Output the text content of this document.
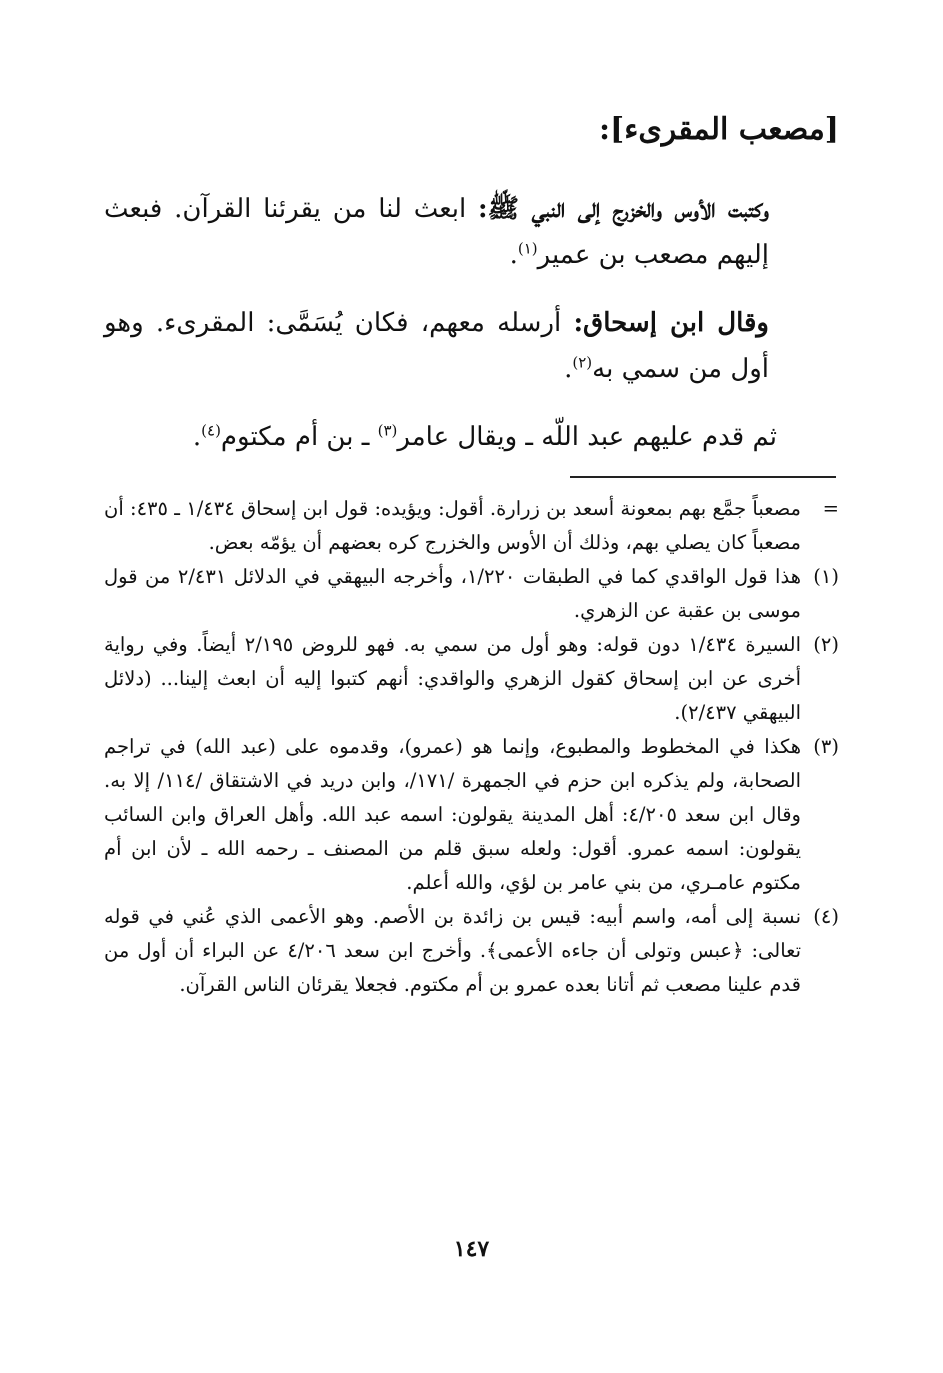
[مصعب المقرىء]:
وكتبت الأوس والخزرج إلى النبي ﷺ: ابعث لنا من يقرئنا القرآن. فبعث إليهم مصعب بن عمير$^{(١)}$.
وقال ابن إسحاق: أرسله معهم، فكان يُسَمَّى: المقرىء. وهو أول من سمي به$^{(٢)}$.
ثم قدم عليهم عبد اللّه ـ ويقال عامر$^{(٣)}$ ـ بن أم مكتوم$^{(٤)}$.
=
مصعباً جمَّع بهم بمعونة أسعد بن زرارة. أقول: ويؤيده: قول ابن إسحاق ١/٤٣٤ ـ ٤٣٥: أن مصعباً كان يصلي بهم، وذلك أن الأوس والخزرج كره بعضهم أن يؤمّه بعض.
(١)
هذا قول الواقدي كما في الطبقات ١/٢٢٠، وأخرجه البيهقي في الدلائل ٢/٤٣١ من قول موسى بن عقبة عن الزهري.
(٢)
السيرة ١/٤٣٤ دون قوله: وهو أول من سمي به. فهو للروض ٢/١٩٥ أيضاً. وفي رواية أخرى عن ابن إسحاق كقول الزهري والواقدي: أنهم كتبوا إليه أن ابعث إلينا... (دلائل البيهقي ٢/٤٣٧).
(٣)
هكذا في المخطوط والمطبوع، وإنما هو (عمرو)، وقدموه على (عبد الله) في تراجم الصحابة، ولم يذكره ابن حزم في الجمهرة /١٧١/، وابن دريد في الاشتقاق /١١٤/ إلا به. وقال ابن سعد ٤/٢٠٥: أهل المدينة يقولون: اسمه عبد الله. وأهل العراق وابن السائب يقولون: اسمه عمرو. أقول: ولعله سبق قلم من المصنف ـ رحمه الله ـ لأن ابن أم مكتوم عامـري، من بني عامر بن لؤي، والله أعلم.
(٤)
نسبة إلى أمه، واسم أبيه: قيس بن زائدة بن الأصم. وهو الأعمى الذي عُني في قوله تعالى: ﴿عبس وتولى أن جاءه الأعمى﴾. وأخرج ابن سعد ٤/٢٠٦ عن البراء أن أول من قدم علينا مصعب ثم أتانا بعده عمرو بن أم مكتوم. فجعلا يقرئان الناس القرآن.
١٤٧
